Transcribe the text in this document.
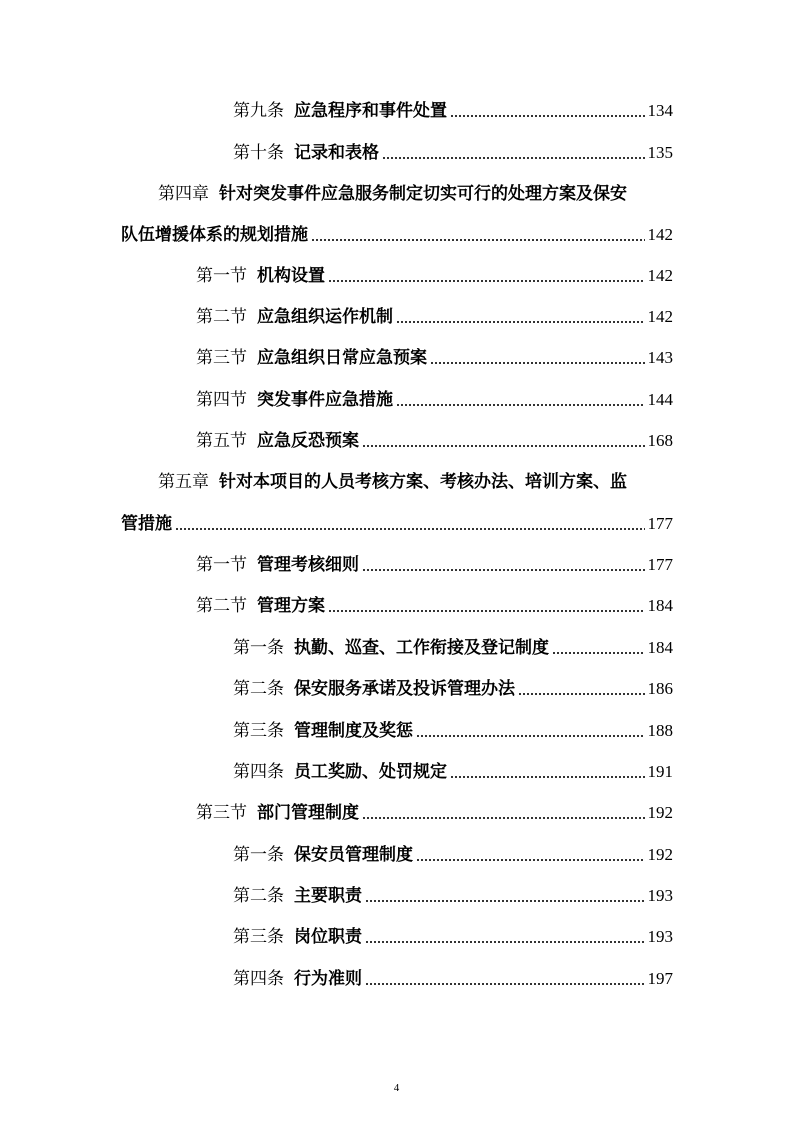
第九条 应急程序和事件处置	134
第十条 记录和表格	135
第四章 针对突发事件应急服务制定切实可行的处理方案及保安
队伍增援体系的规划措施	142
第一节 机构设置	142
第二节 应急组织运作机制	142
第三节 应急组织日常应急预案	143
第四节 突发事件应急措施	144
第五节 应急反恐预案	168
第五章 针对本项目的人员考核方案、考核办法、培训方案、监
管措施	177
第一节 管理考核细则	177
第二节 管理方案	184
第一条 执勤、巡查、工作衔接及登记制度	184
第二条 保安服务承诺及投诉管理办法	186
第三条 管理制度及奖惩	188
第四条 员工奖励、处罚规定	191
第三节 部门管理制度	192
第一条 保安员管理制度	192
第二条 主要职责	193
第三条 岗位职责	193
第四条 行为准则	197
4
